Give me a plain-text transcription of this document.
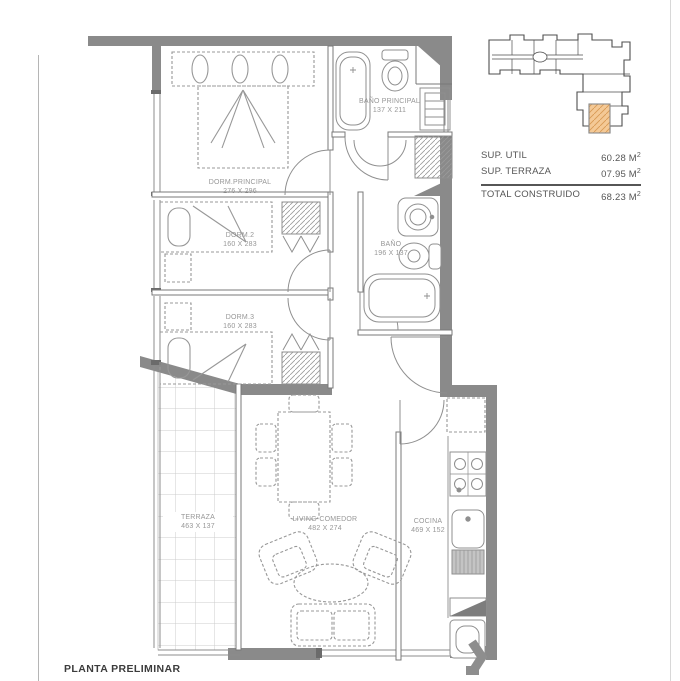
DORM.PRINCIPAL
276 X 296
DORM.2
160 X 283
DORM.3
160 X 283
BAÑO PRINCIPAL
137 X 211
BAÑO
196 X 137
TERRAZA
463 X 137
LIVING-COMEDOR
482 X 274
COCINA
469 X 152
SUP. UTIL	60.28 $M^2$
SUP. TERRAZA	07.95 $M^2$
TOTAL CONSTRUIDO 68.23 $M^2$
PLANTA PRELIMINAR
